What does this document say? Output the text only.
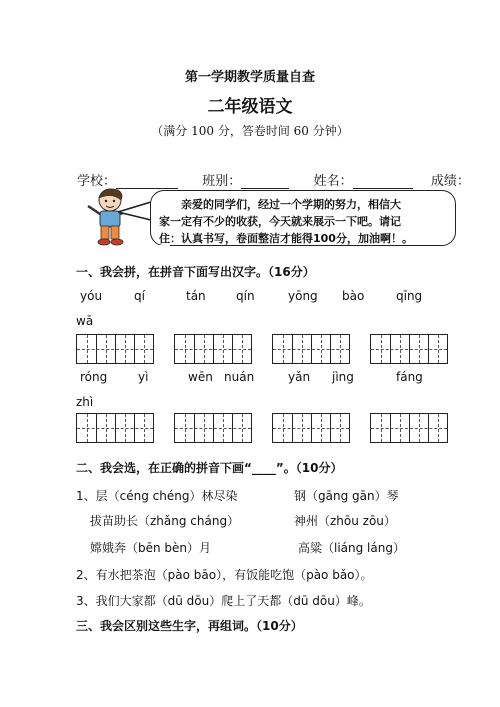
第一学期教学质量自查
二年级语文
（满分 100 分，答卷时间 60 分钟）
学校：	班别：	姓名：	成绩：
亲爱的同学们，经过一个学期的努力，相信大
家一定有不少的收获，今天就来展示一下吧。请记
住：认真书写，卷面整洁才能得100分，加油啊！。
一、我会拼，在拼音下面写出汉字。（16分）
yóu	qí	tán	qín	yōng bào	qīng
wā
róng	yì	wēn nuán	yǎn jìng	fáng
zhì
二、我会选，在正确的拼音下画“____”。（10分）
1、层（céng chéng）林尽染	钢（gāng gān）琴
拔苗助长（zhǎng cháng）	神州（zhōu zōu）
嫦娥奔（bēn bèn）月	高粱（liáng láng）
2、有水把茶泡（pào bāo），有饭能吃饱（pào bǎo）。
3、我们大家都（dū dōu）爬上了天都（dū dōu）峰。
三、我会区别这些生字，再组词。（10分）
